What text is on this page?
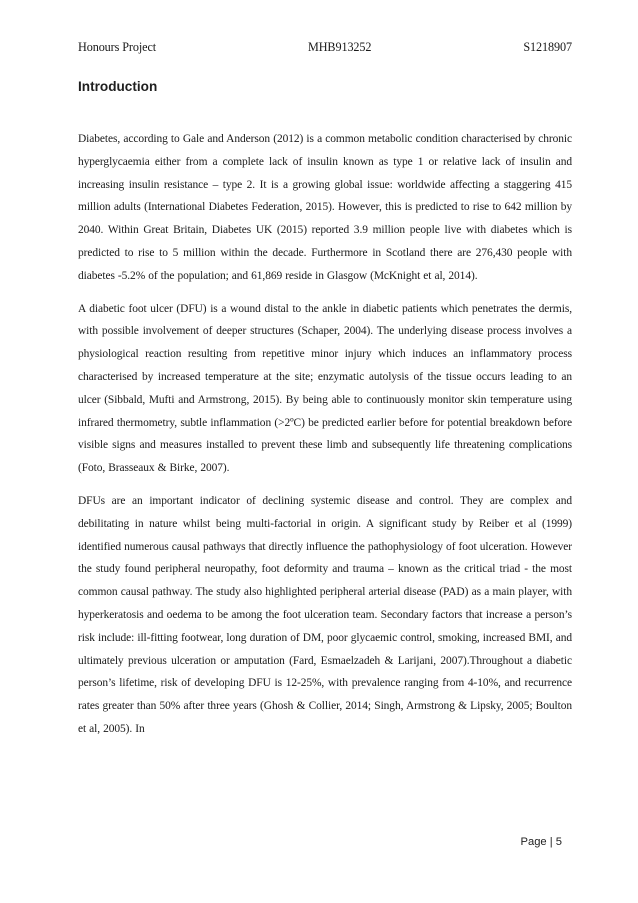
Honours Project	MHB913252	S1218907
Introduction

Diabetes, according to Gale and Anderson (2012) is a common metabolic condition characterised by chronic hyperglycaemia either from a complete lack of insulin known as type 1 or relative lack of insulin and increasing insulin resistance – type 2. It is a growing global issue: worldwide affecting a staggering 415 million adults (International Diabetes Federation, 2015). However, this is predicted to rise to 642 million by 2040. Within Great Britain, Diabetes UK (2015) reported 3.9 million people live with diabetes which is predicted to rise to 5 million within the decade. Furthermore in Scotland there are 276,430 people with diabetes -5.2% of the population; and 61,869 reside in Glasgow (McKnight et al, 2014).

A diabetic foot ulcer (DFU) is a wound distal to the ankle in diabetic patients which penetrates the dermis, with possible involvement of deeper structures (Schaper, 2004). The underlying disease process involves a physiological reaction resulting from repetitive minor injury which induces an inflammatory process characterised by increased temperature at the site; enzymatic autolysis of the tissue occurs leading to an ulcer (Sibbald, Mufti and Armstrong, 2015). By being able to continuously monitor skin temperature using infrared thermometry, subtle inflammation (>2ºC) be predicted earlier before for potential breakdown before visible signs and measures installed to prevent these limb and subsequently life threatening complications (Foto, Brasseaux & Birke, 2007).

DFUs are an important indicator of declining systemic disease and control. They are complex and debilitating in nature whilst being multi-factorial in origin. A significant study by Reiber et al (1999) identified numerous causal pathways that directly influence the pathophysiology of foot ulceration. However the study found peripheral neuropathy, foot deformity and trauma – known as the critical triad - the most common causal pathway. The study also highlighted peripheral arterial disease (PAD) as a main player, with hyperkeratosis and oedema to be among the foot ulceration team. Secondary factors that increase a person’s risk include: ill-fitting footwear, long duration of DM, poor glycaemic control, smoking, increased BMI, and ultimately previous ulceration or amputation (Fard, Esmaelzadeh & Larijani, 2007).Throughout a diabetic person’s lifetime, risk of developing DFU is 12-25%, with prevalence ranging from 4-10%, and recurrence rates greater than 50% after three years (Ghosh & Collier, 2014; Singh, Armstrong & Lipsky, 2005; Boulton et al, 2005). In

Page | 5
